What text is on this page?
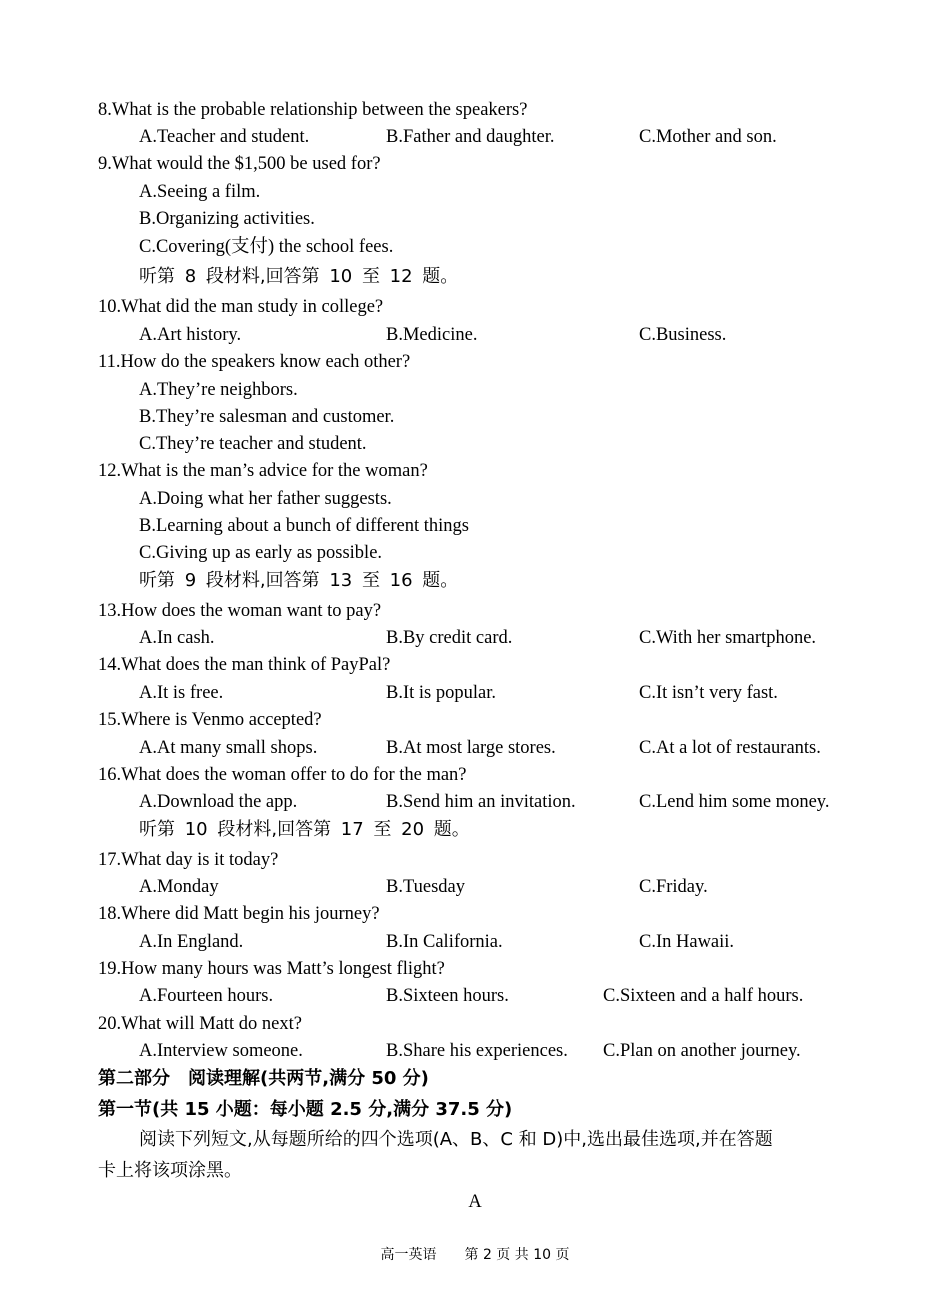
8.What is the probable relationship between the speakers?
A.Teacher and student.	B.Father and daughter.	C.Mother and son.
9.What would the $1,500 be used for?
A.Seeing a film.
B.Organizing activities.
C.Covering(支付) the school fees.
听第 8 段材料,回答第 10 至 12 题。
10.What did the man study in college?
A.Art history.	B.Medicine.	C.Business.
11.How do the speakers know each other?
A.They’re neighbors.
B.They’re salesman and customer.
C.They’re teacher and student.
12.What is the man’s advice for the woman?
A.Doing what her father suggests.
B.Learning about a bunch of different things
C.Giving up as early as possible.
听第 9 段材料,回答第 13 至 16 题。
13.How does the woman want to pay?
A.In cash.	B.By credit card.	C.With her smartphone.
14.What does the man think of PayPal?
A.It is free.	B.It is popular.	C.It isn’t very fast.
15.Where is Venmo accepted?
A.At many small shops.	B.At most large stores.	C.At a lot of restaurants.
16.What does the woman offer to do for the man?
A.Download the app.	B.Send him an invitation.	C.Lend him some money.
听第 10 段材料,回答第 17 至 20 题。
17.What day is it today?
A.Monday	B.Tuesday	C.Friday.
18.Where did Matt begin his journey?
A.In England.	B.In California.	C.In Hawaii.
19.How many hours was Matt’s longest flight?
A.Fourteen hours.	B.Sixteen hours.	C.Sixteen and a half hours.
20.What will Matt do next?
A.Interview someone.	B.Share his experiences. C.Plan on another journey.
第二部分　阅读理解(共两节,满分 50 分)
第一节(共 15 小题：每小题 2.5 分,满分 37.5 分)
阅读下列短文,从每题所给的四个选项(A、B、C 和 D)中,选出最佳选项,并在答题
卡上将该项涂黑。
A
高一英语　　第 2 页 共 10 页
